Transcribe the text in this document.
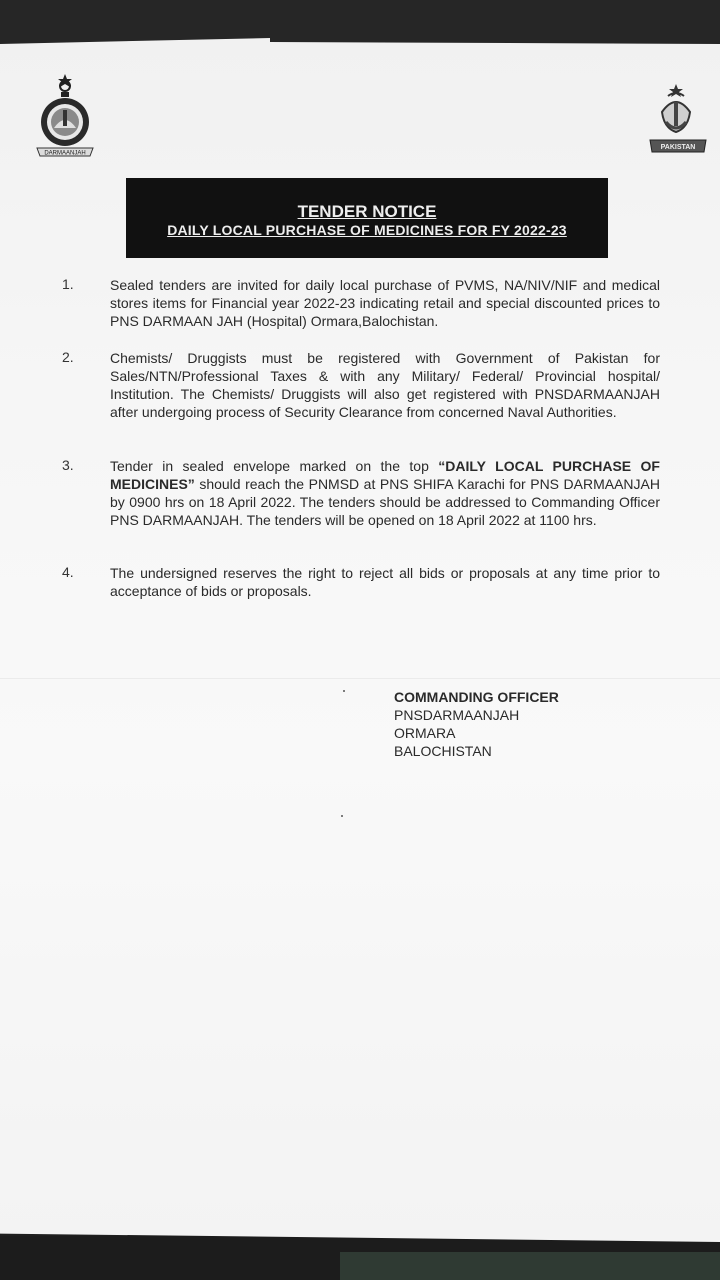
DARMAANJAH
PAKISTAN
TENDER NOTICE
DAILY LOCAL PURCHASE OF MEDICINES FOR FY 2022-23
1.	Sealed tenders are invited for daily local purchase of PVMS, NA/NIV/NIF and medical stores items for Financial year 2022-23 indicating retail and special discounted prices to PNS DARMAAN JAH (Hospital) Ormara,Balochistan.
2.	Chemists/ Druggists must be registered with Government of Pakistan for Sales/NTN/Professional Taxes & with any Military/ Federal/ Provincial hospital/ Institution. The Chemists/ Druggists will also get registered with PNSDARMAANJAH after undergoing process of Security Clearance from concerned Naval Authorities.
3.	Tender in sealed envelope marked on the top “DAILY LOCAL PURCHASE OF MEDICINES” should reach the PNMSD at PNS SHIFA Karachi for PNS DARMAANJAH by 0900 hrs on 18 April 2022. The tenders should be addressed to Commanding Officer PNS DARMAANJAH. The tenders will be opened on 18 April 2022 at 1100 hrs.
4.	The undersigned reserves the right to reject all bids or proposals at any time prior to acceptance of bids or proposals.
COMMANDING OFFICER
PNSDARMAANJAH
ORMARA
BALOCHISTAN
